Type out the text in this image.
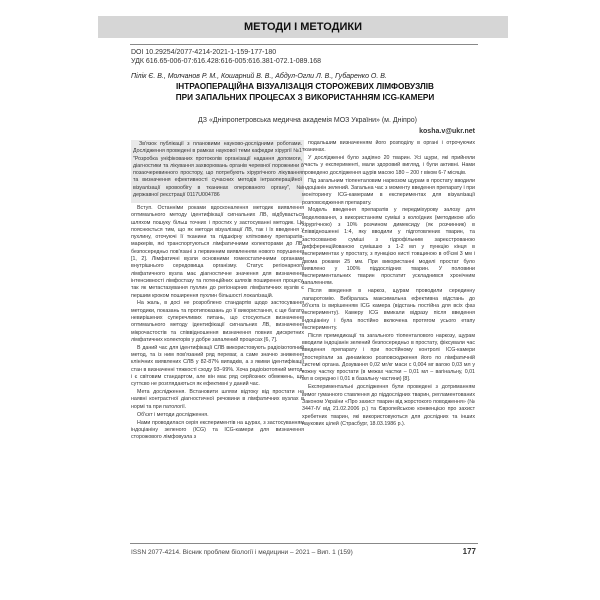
МЕТОДИ І МЕТОДИКИ
DOI 10.29254/2077-4214-2021-1-159-177-180
УДК 616.65-006-07:616.428:616-005:616.381-072.1-089.168
Пілік Є. В., Молчанов Р. М., Кошарний В. В., Абдул-Огли Л. В., Губаренко О. В.
ІНТРАОПЕРАЦІЙНА ВІЗУАЛІЗАЦІЯ СТОРОЖЕВИХ ЛІМФОВУЗЛІВ
ПРИ ЗАПАЛЬНИХ ПРОЦЕСАХ З ВИКОРИСТАННЯМ ICG-КАМЕРИ
ДЗ «Дніпропетровська медична академія МОЗ України» (м. Дніпро)
kosha.v@ukr.net

Зв'язок публікації з плановими науково-дослідними роботами. Дослідження проведені в рамках наукової теми кафедри хірургії №1 "Розробка уніфікованих протоколів організації надання допомоги, діагностики та лікування захворювань органів черевної порожнини і позаочеревинного простору, що потребують хірургічного лікування та визначення ефективності сучасних методів інтраопераційної візуалізації кровообігу в тканинах оперованого органу", № державної реєстрації 0117U004786

Вступ. Останніми роками вдосконалення методик виявлення оптимального методу ідентифікації сигнальних ЛВ, відбувається шляхом пошуку більш точних і простих у застосуванні методик. Це пояснюється тим, що як методи візуалізації ЛВ, так і їх введення у пухлину, оточуючі її тканини та підшкірну клітковину препаратів-маркерів, які транспортуються лімфатичними колекторами до ЛВ, безпосередньо пов'язані з первинним виявленням нового порушення [1, 2]. Лімфатичні вузли основними гомеостатичними органами внутрішнього середовища організму. Статус регіонарного лімфатичного вузла має діагностичне значення для визначення інтенсивності лімфостазу та потенційних шляхів поширення процесу, так як метастазування пухлин до регіонарних лімфатичних вузлів є першим кроком поширення пухлин більшості локалізацій.

На жаль, в досі не розроблено стандартів щодо застосування методики, показань та протипоказань до її використання, є ще багато невирішених суперечливих питань, що стосуються визначення оптимального методу ідентифікації сигнальних ЛВ, визначення мікрочастостів та співвідношення визначення повних дискретних лімфатичних колекторів у добре запалений процесах [6, 7].

В даний час для ідентифікації СЛВ використовують радіоізотопний метод, та із ним пов'язаний ряд переваг, а саме значно зниження клінічних виявлених СЛВ у 82-87% випадків, а з якими ідентифікації стан в визначенні тяжкості сходу 93–99%. Хоча радіоізотопний метод, і є світовим стандартом, але він має ряд серйозних обмежень, що суттєво не розглядаються як ефективні у даний час.

Мета дослідження. Встановити шляхи відтоку від простати на наявні контрастної діагностичної речовини в лімфатичних вузлах в нормі та при патології.

Об'єкт і методи дослідження.

Нами проводилася серія експериментів на щурах, з застосуванням індоціаніну зеленого (ICG) та ICG-камери для визначення сторожового лімфовузла з

подальшим визначенням його розподілу в органі і отрочуючих тканинах.

У дослідженні було задіяно 20 тварин. Усі щури, які прийняли участь у експерименті, мали здоровий вигляд, і були активні. Нами проведено дослідження щурів масою 180 – 200 г віком 6-7 місяців.

Під загальним тіопенталовим наркозом щурам в простату вводили індоціанін зелений. Загальна час з моменту введення препарату і при моніторингу ICG-камерами в експериментах для візуалізації розповсюдження препарату.

Модель введення препаратів у передміхурову залозу для моделювання, з використанням суміші з колоїдних (методикою або хірургічною) з 10% розчином димексиду (як розчинник) в співвідношенні 1:4, яку вводили у підготовлених тварин, та застосованою суміші з гідрофільним зареєстрованою дифференційованою сумішшю з 1-2 мл у пункцію кінця в експериментах у простату, з пункцією кисті товщиною в об'ємі 3 мм і двома роками 25 мм. При використанні моделі простат було виявлено у 100% піддослідних тварин. У половини експериментальних тварин простатит ускладнився хронічним запаленням.

Після введення в наркоз, щурам проводили серединну лапаротомію. Вибіралась максимальна ефективна відстань до об'єкта із вирішенням ICG камера (відстань постійна для всіх фаз експерименту). Камеру ICG вмикали відразу після введення індоціаніну і була постійно включена протягом усього етапу експерименту.

Після премедикації та загального тіопенталового наркозу, щурам вводили індоціанін зелений безпосередньо в простату, фіксували час введення препарату і при постійному контролі ICG-камери спостерігали за динамікою розповсюдження його по лімфатичній системі органа. Дозування 0,02 мг/кг маси с 0,004 мг вагою 0,03 мл у кожну частку простати (в межах частки – 0,01 мл – вагінальну, 0,01 мл в середню і 0,01 в базальну частини) [8].

Експериментальні дослідження були проведені з дотриманням вимог гуманного ставлення до піддослідних тварин, регламентованих Законом України «Про захист тварин від жорстокого поводження» (№ 3447-IV від 21.02.2006 р.) та Європейською конвенцією про захист хребетних тварин, які використовуються для дослідних та інших наукових цілей (Страсбург, 18.03.1986 р.).

ISSN 2077-4214. Вісник проблем біології і медицини – 2021 – Вип. 1 (159)	177
